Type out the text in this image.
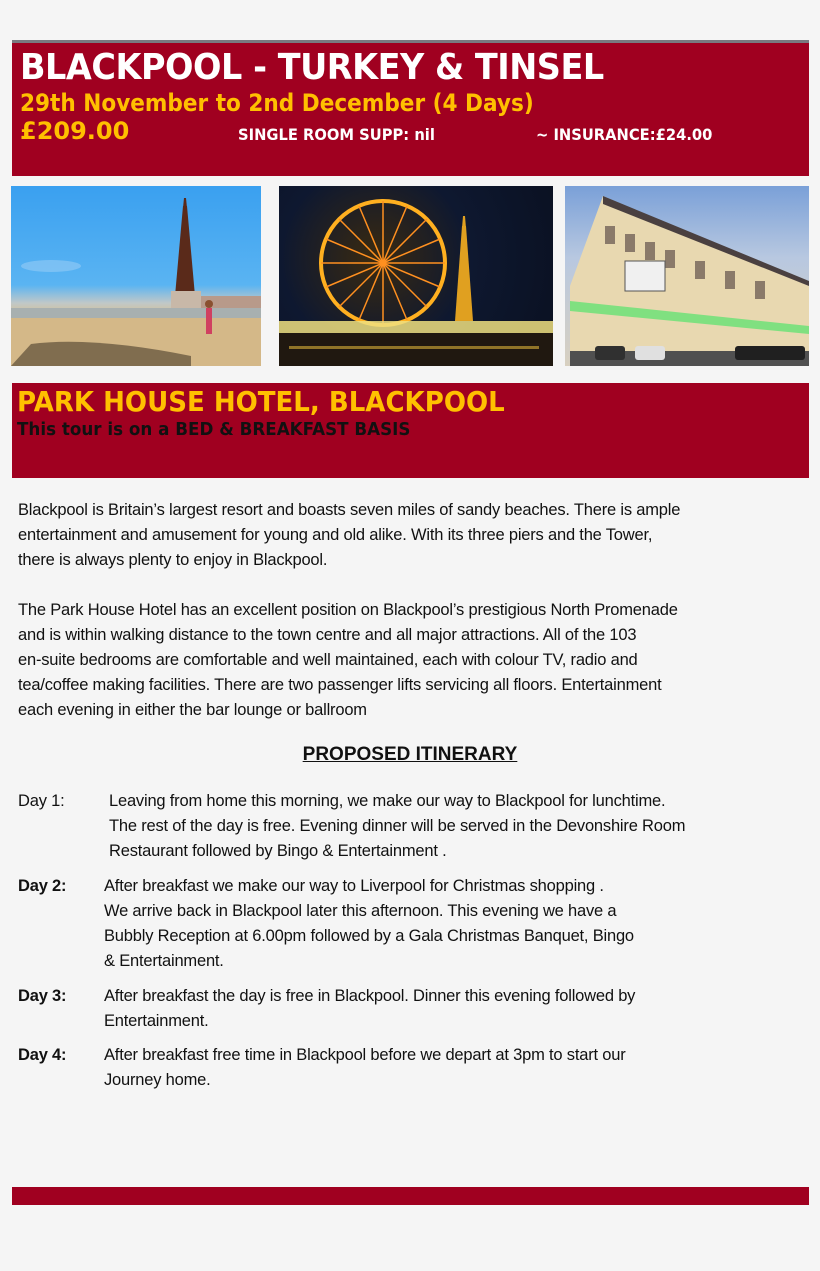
BLACKPOOL - TURKEY & TINSEL
29th November to 2nd December (4 Days)
£209.00	SINGLE ROOM SUPP: nil	~ INSURANCE:£24.00
PARK HOUSE HOTEL, BLACKPOOL
This tour is on a BED & BREAKFAST BASIS
Blackpool is Britain’s largest resort and boasts seven miles of sandy beaches. There is ample
entertainment and amusement for young and old alike. With its three piers and the Tower,
there is always plenty to enjoy in Blackpool.
The Park House Hotel has an excellent position on Blackpool’s prestigious North Promenade
and is within walking distance to the town centre and all major attractions. All of the 103
en-suite bedrooms are comfortable and well maintained, each with colour TV, radio and
tea/coffee making facilities. There are two passenger lifts servicing all floors. Entertainment
each evening in either the bar lounge or ballroom
PROPOSED ITINERARY
Day 1:	Leaving from home this morning, we make our way to Blackpool for lunchtime.
The rest of the day is free. Evening dinner will be served in the Devonshire Room
Restaurant followed by Bingo & Entertainment .
Day 2: After breakfast we make our way to Liverpool for Christmas shopping .
We arrive back in Blackpool later this afternoon. This evening we have a
Bubbly Reception at 6.00pm followed by a Gala Christmas Banquet, Bingo
& Entertainment.
Day 3: After breakfast the day is free in Blackpool. Dinner this evening followed by
Entertainment.
Day 4: After breakfast free time in Blackpool before we depart at 3pm to start our
Journey home.
